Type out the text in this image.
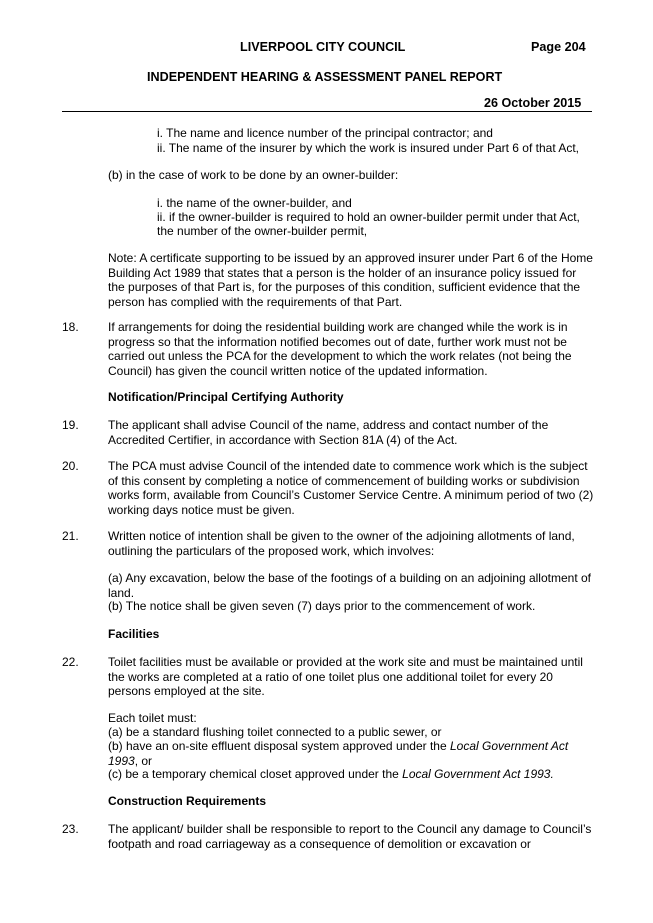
LIVERPOOL CITY COUNCIL	Page 204
INDEPENDENT HEARING & ASSESSMENT PANEL REPORT
26 October 2015

i. The name and licence number of the principal contractor; and

ii. The name of the insurer by which the work is insured under Part 6 of that Act,

(b) in the case of work to be done by an owner-builder:

i. the name of the owner-builder, and

ii. if the owner-builder is required to hold an owner-builder permit under that Act,

the number of the owner-builder permit,

Note: A certificate supporting to be issued by an approved insurer under Part 6 of the Home Building Act 1989 that states that a person is the holder of an insurance policy issued for the purposes of that Part is, for the purposes of this condition, sufficient evidence that the person has complied with the requirements of that Part.

18. If arrangements for doing the residential building work are changed while the work is in progress so that the information notified becomes out of date, further work must not be carried out unless the PCA for the development to which the work relates (not being the Council) has given the council written notice of the updated information.

Notification/Principal Certifying Authority

19. The applicant shall advise Council of the name, address and contact number of the Accredited Certifier, in accordance with Section 81A (4) of the Act.

20. The PCA must advise Council of the intended date to commence work which is the subject of this consent by completing a notice of commencement of building works or subdivision works form, available from Council’s Customer Service Centre. A minimum period of two (2) working days notice must be given.

21. Written notice of intention shall be given to the owner of the adjoining allotments of land, outlining the particulars of the proposed work, which involves:

(a) Any excavation, below the base of the footings of a building on an adjoining allotment of land.

(b) The notice shall be given seven (7) days prior to the commencement of work.

Facilities

22. Toilet facilities must be available or provided at the work site and must be maintained until the works are completed at a ratio of one toilet plus one additional toilet for every 20 persons employed at the site.

Each toilet must:

(a) be a standard flushing toilet connected to a public sewer, or

(b) have an on-site effluent disposal system approved under the Local Government Act 1993, or

(c) be a temporary chemical closet approved under the Local Government Act 1993.

Construction Requirements

23. The applicant/ builder shall be responsible to report to the Council any damage to Council’s footpath and road carriageway as a consequence of demolition or excavation or
